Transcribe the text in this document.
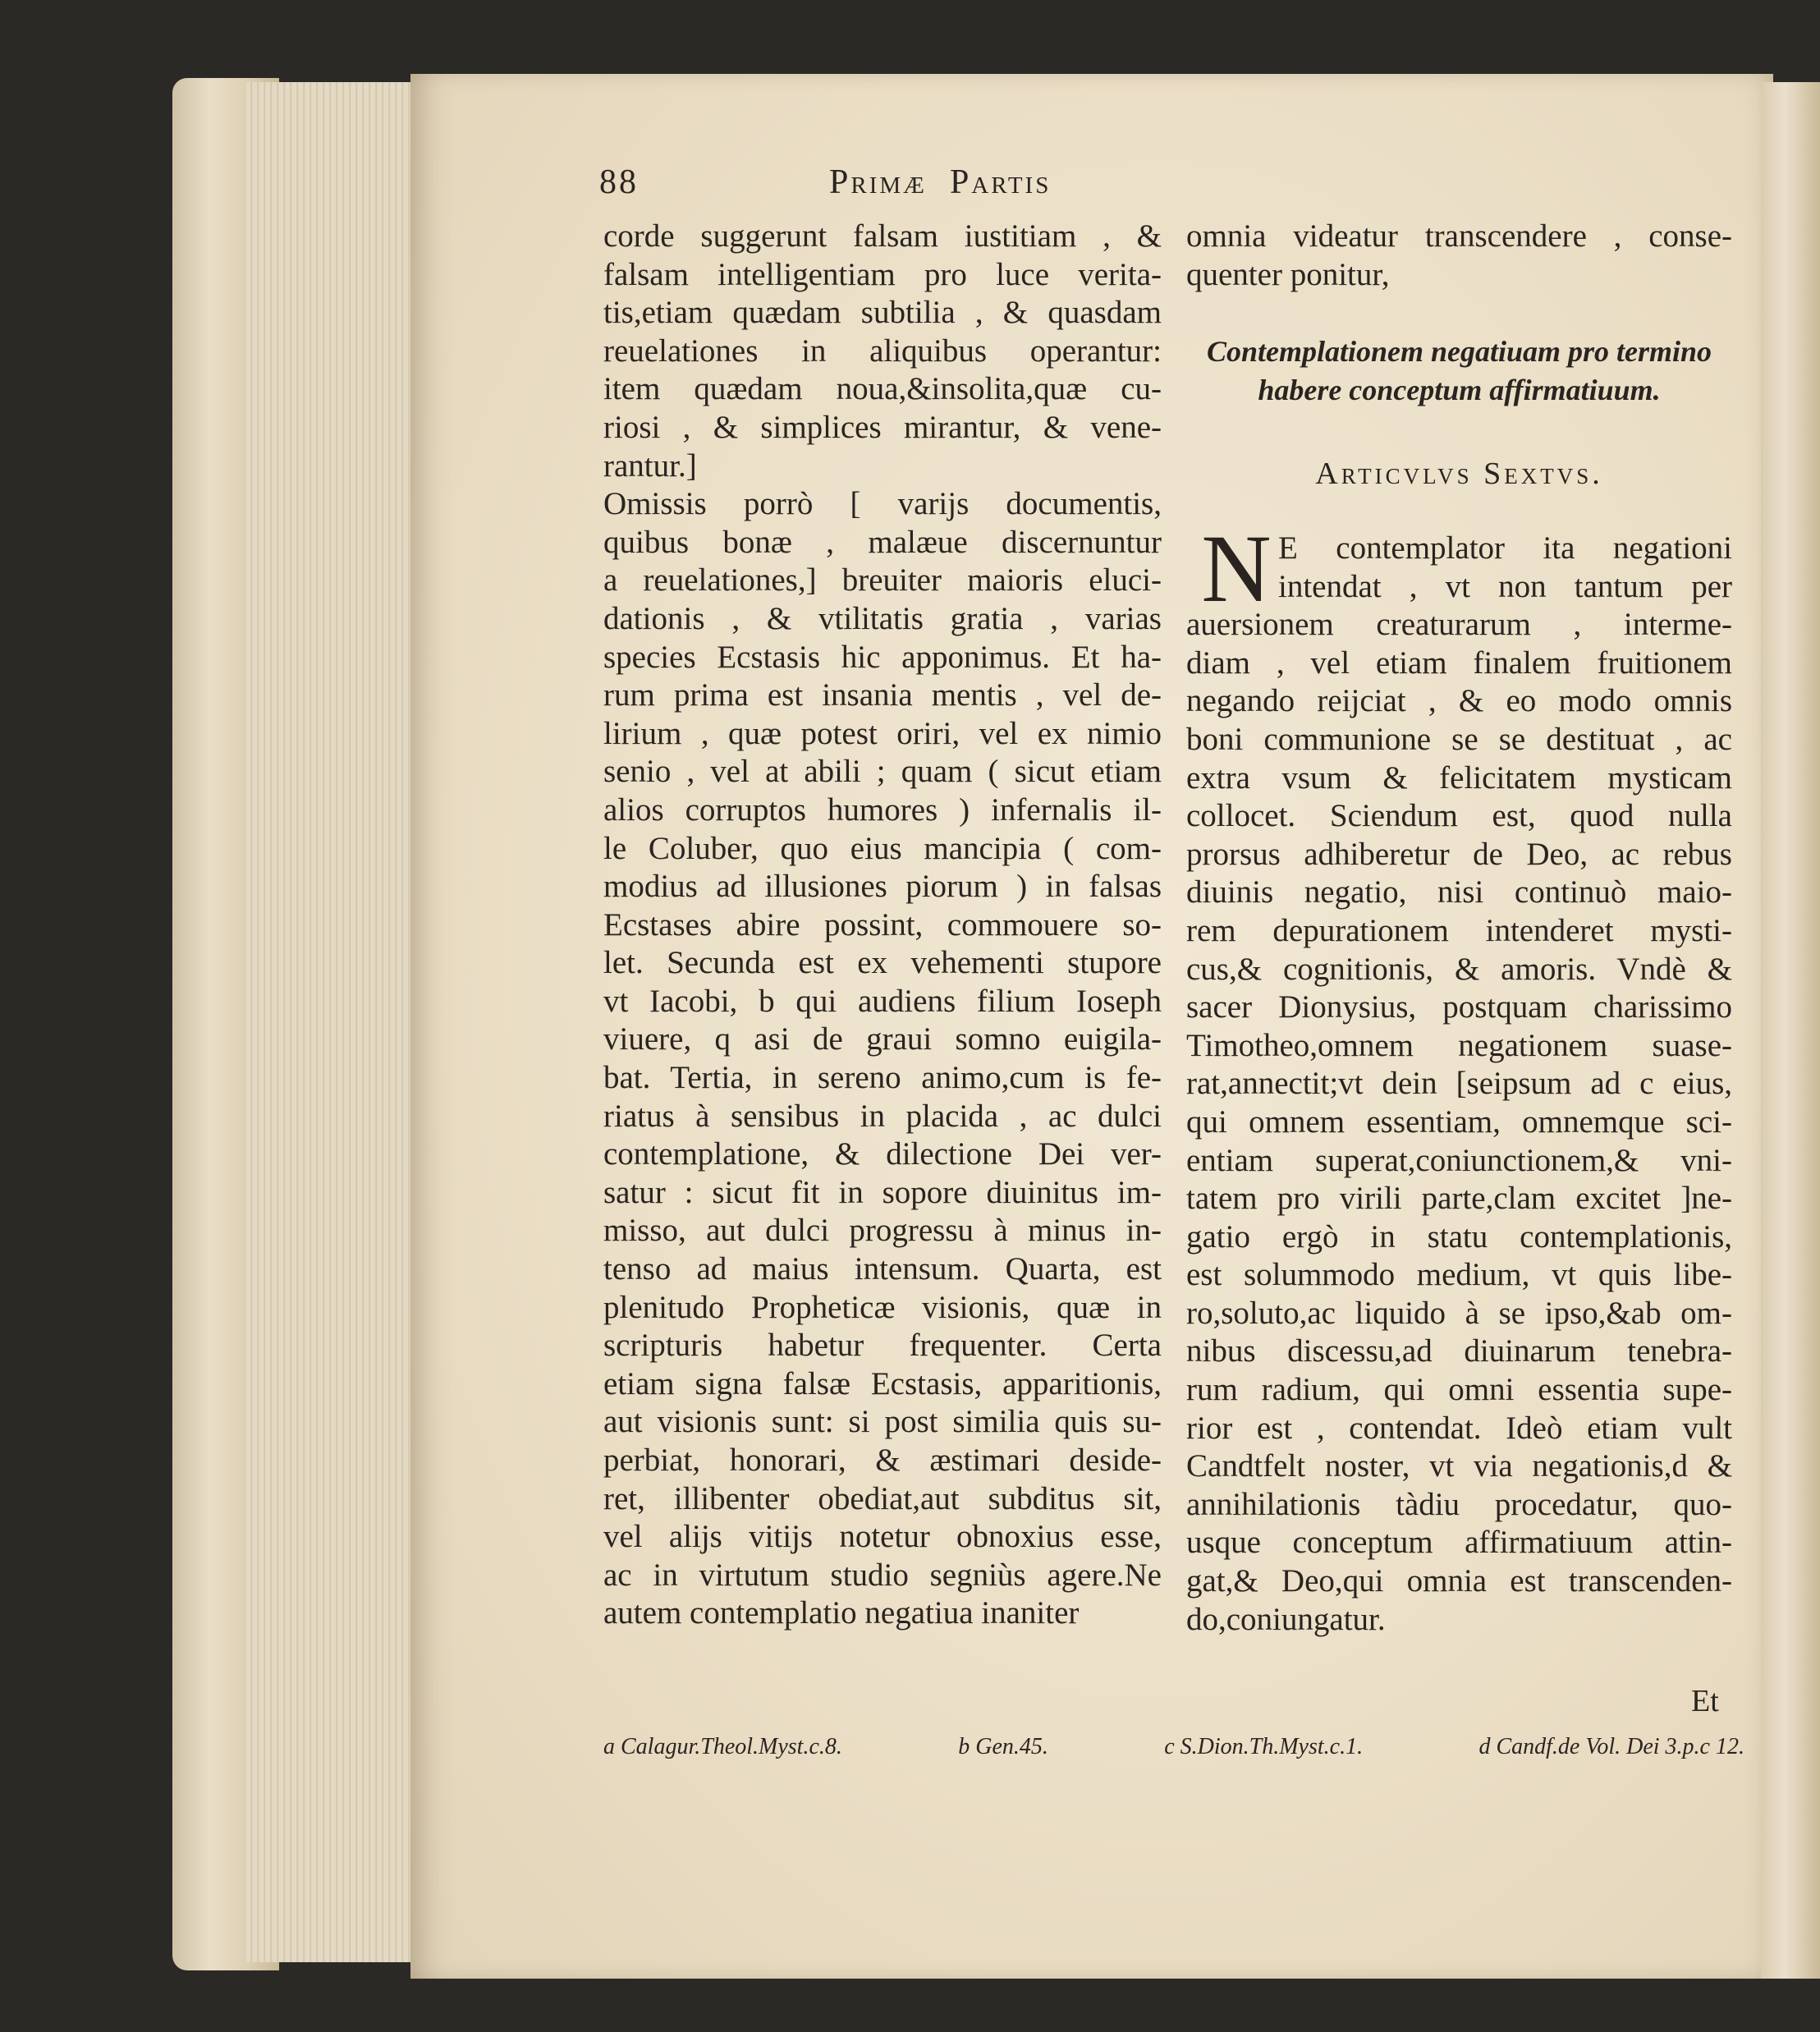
88	Primæ Partis
corde suggerunt falsam iustitiam , &
falsam intelligentiam pro luce verita-
tis,etiam quædam subtilia , & quasdam
reuelationes in aliquibus operantur:
item quædam noua,&insolita,quæ cu-
riosi , & simplices mirantur, & vene-
rantur.]
Omissis porrò [ varijs documentis,
quibus bonæ , malæue discernuntur
a reuelationes,] breuiter maioris eluci-
dationis , & vtilitatis gratia , varias
species Ecstasis hic apponimus. Et ha-
rum prima est insania mentis , vel de-
lirium , quæ potest oriri, vel ex nimio
senio , vel at abili ; quam ( sicut etiam
alios corruptos humores ) infernalis il-
le Coluber, quo eius mancipia ( com-
modius ad illusiones piorum ) in falsas
Ecstases abire possint, commouere so-
let. Secunda est ex vehementi stupore
vt Iacobi, b qui audiens filium Ioseph
viuere, q asi de graui somno euigila-
bat. Tertia, in sereno animo,cum is fe-
riatus à sensibus in placida , ac dulci
contemplatione, & dilectione Dei ver-
satur : sicut fit in sopore diuinitus im-
misso, aut dulci progressu à minus in-
tenso ad maius intensum. Quarta, est
plenitudo Propheticæ visionis, quæ in
scripturis habetur frequenter. Certa
etiam signa falsæ Ecstasis, apparitionis,
aut visionis sunt: si post similia quis su-
perbiat, honorari, & æstimari deside-
ret, illibenter obediat,aut subditus sit,
vel alijs vitijs notetur obnoxius esse,
ac in virtutum studio segniùs agere.Ne
autem contemplatio negatiua inaniter
omnia videatur transcendere , conse-
quenter ponitur,
Contemplationem negatiuam pro termino
habere conceptum affirmatiuum.
Articvlvs Sextvs.
N E contemplator ita negationi
intendat , vt non tantum per
auersionem creaturarum , interme-
diam , vel etiam finalem fruitionem
negando reijciat , & eo modo omnis
boni communione se se destituat , ac
extra vsum & felicitatem mysticam
collocet. Sciendum est, quod nulla
prorsus adhiberetur de Deo, ac rebus
diuinis negatio, nisi continuò maio-
rem depurationem intenderet mysti-
cus,& cognitionis, & amoris. Vndè &
sacer Dionysius, postquam charissimo
Timotheo,omnem negationem suase-
rat,annectit;vt dein [seipsum ad c eius,
qui omnem essentiam, omnemque sci-
entiam superat,coniunctionem,& vni-
tatem pro virili parte,clam excitet ]ne-
gatio ergò in statu contemplationis,
est solummodo medium, vt quis libe-
ro,soluto,ac liquido à se ipso,&ab om-
nibus discessu,ad diuinarum tenebra-
rum radium, qui omni essentia supe-
rior est , contendat. Ideò etiam vult
Candtfelt noster, vt via negationis,d &
annihilationis tàdiu procedatur, quo-
usque conceptum affirmatiuum attin-
gat,& Deo,qui omnia est transcenden-
do,coniungatur.
Et
a Calagur.Theol.Myst.c.8.	b Gen.45.	c S.Dion.Th.Myst.c.1.	d Candf.de Vol. Dei 3.p.c 12.
